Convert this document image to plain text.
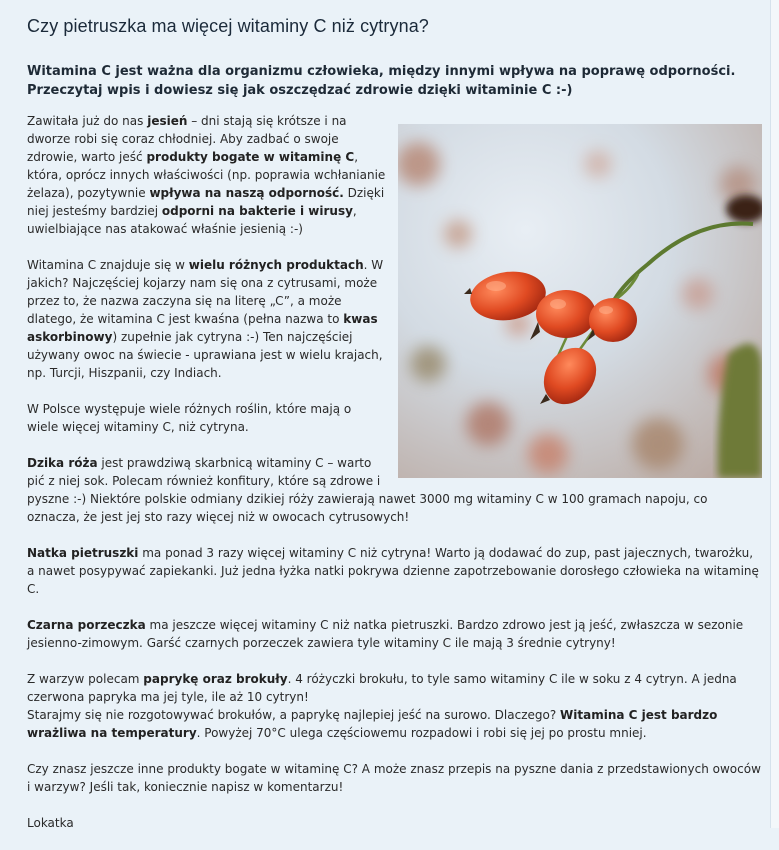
Czy pietruszka ma więcej witaminy C niż cytryna?

Witamina C jest ważna dla organizmu człowieka, między innymi wpływa na poprawę odporności. Przeczytaj wpis i dowiesz się jak oszczędzać zdrowie dzięki witaminie C :-)

Zawitała już do nas jesień – dni stają się krótsze i na dworze robi się coraz chłodniej. Aby zadbać o swoje zdrowie, warto jeść produkty bogate w witaminę C, która, oprócz innych właściwości (np. poprawia wchłanianie żelaza), pozytywnie wpływa na naszą odporność. Dzięki niej jesteśmy bardziej odporni na bakterie i wirusy, uwielbiające nas atakować właśnie jesienią :-)

Witamina C znajduje się w wielu różnych produktach. W jakich? Najczęściej kojarzy nam się ona z cytrusami, może przez to, że nazwa zaczyna się na literę „C”, a może dlatego, że witamina C jest kwaśna (pełna nazwa to kwas askorbinowy) zupełnie jak cytryna :-) Ten najczęściej używany owoc na świecie - uprawiana jest w wielu krajach, np. Turcji, Hiszpanii, czy Indiach.

W Polsce występuje wiele różnych roślin, które mają o wiele więcej witaminy C, niż cytryna.

Dzika róża jest prawdziwą skarbnicą witaminy C – warto pić z niej sok. Polecam również konfitury, które są zdrowe i pyszne :-) Niektóre polskie odmiany dzikiej róży zawierają nawet 3000 mg witaminy C w 100 gramach napoju, co oznacza, że jest jej sto razy więcej niż w owocach cytrusowych!

Natka pietruszki ma ponad 3 razy więcej witaminy C niż cytryna! Warto ją dodawać do zup, past jajecznych, twarożku, a nawet posypywać zapiekanki. Już jedna łyżka natki pokrywa dzienne zapotrzebowanie dorosłego człowieka na witaminę C.

Czarna porzeczka ma jeszcze więcej witaminy C niż natka pietruszki. Bardzo zdrowo jest ją jeść, zwłaszcza w sezonie jesienno-zimowym. Garść czarnych porzeczek zawiera tyle witaminy C ile mają 3 średnie cytryny!

Z warzyw polecam paprykę oraz brokuły. 4 różyczki brokułu, to tyle samo witaminy C ile w soku z 4 cytryn. A jedna czerwona papryka ma jej tyle, ile aż 10 cytryn!
Starajmy się nie rozgotowywać brokułów, a paprykę najlepiej jeść na surowo. Dlaczego? Witamina C jest bardzo wrażliwa na temperatury. Powyżej 70°C ulega częściowemu rozpadowi i robi się jej po prostu mniej.

Czy znasz jeszcze inne produkty bogate w witaminę C? A może znasz przepis na pyszne dania z przedstawionych owoców i warzyw? Jeśli tak, koniecznie napisz w komentarzu!

Lokatka
